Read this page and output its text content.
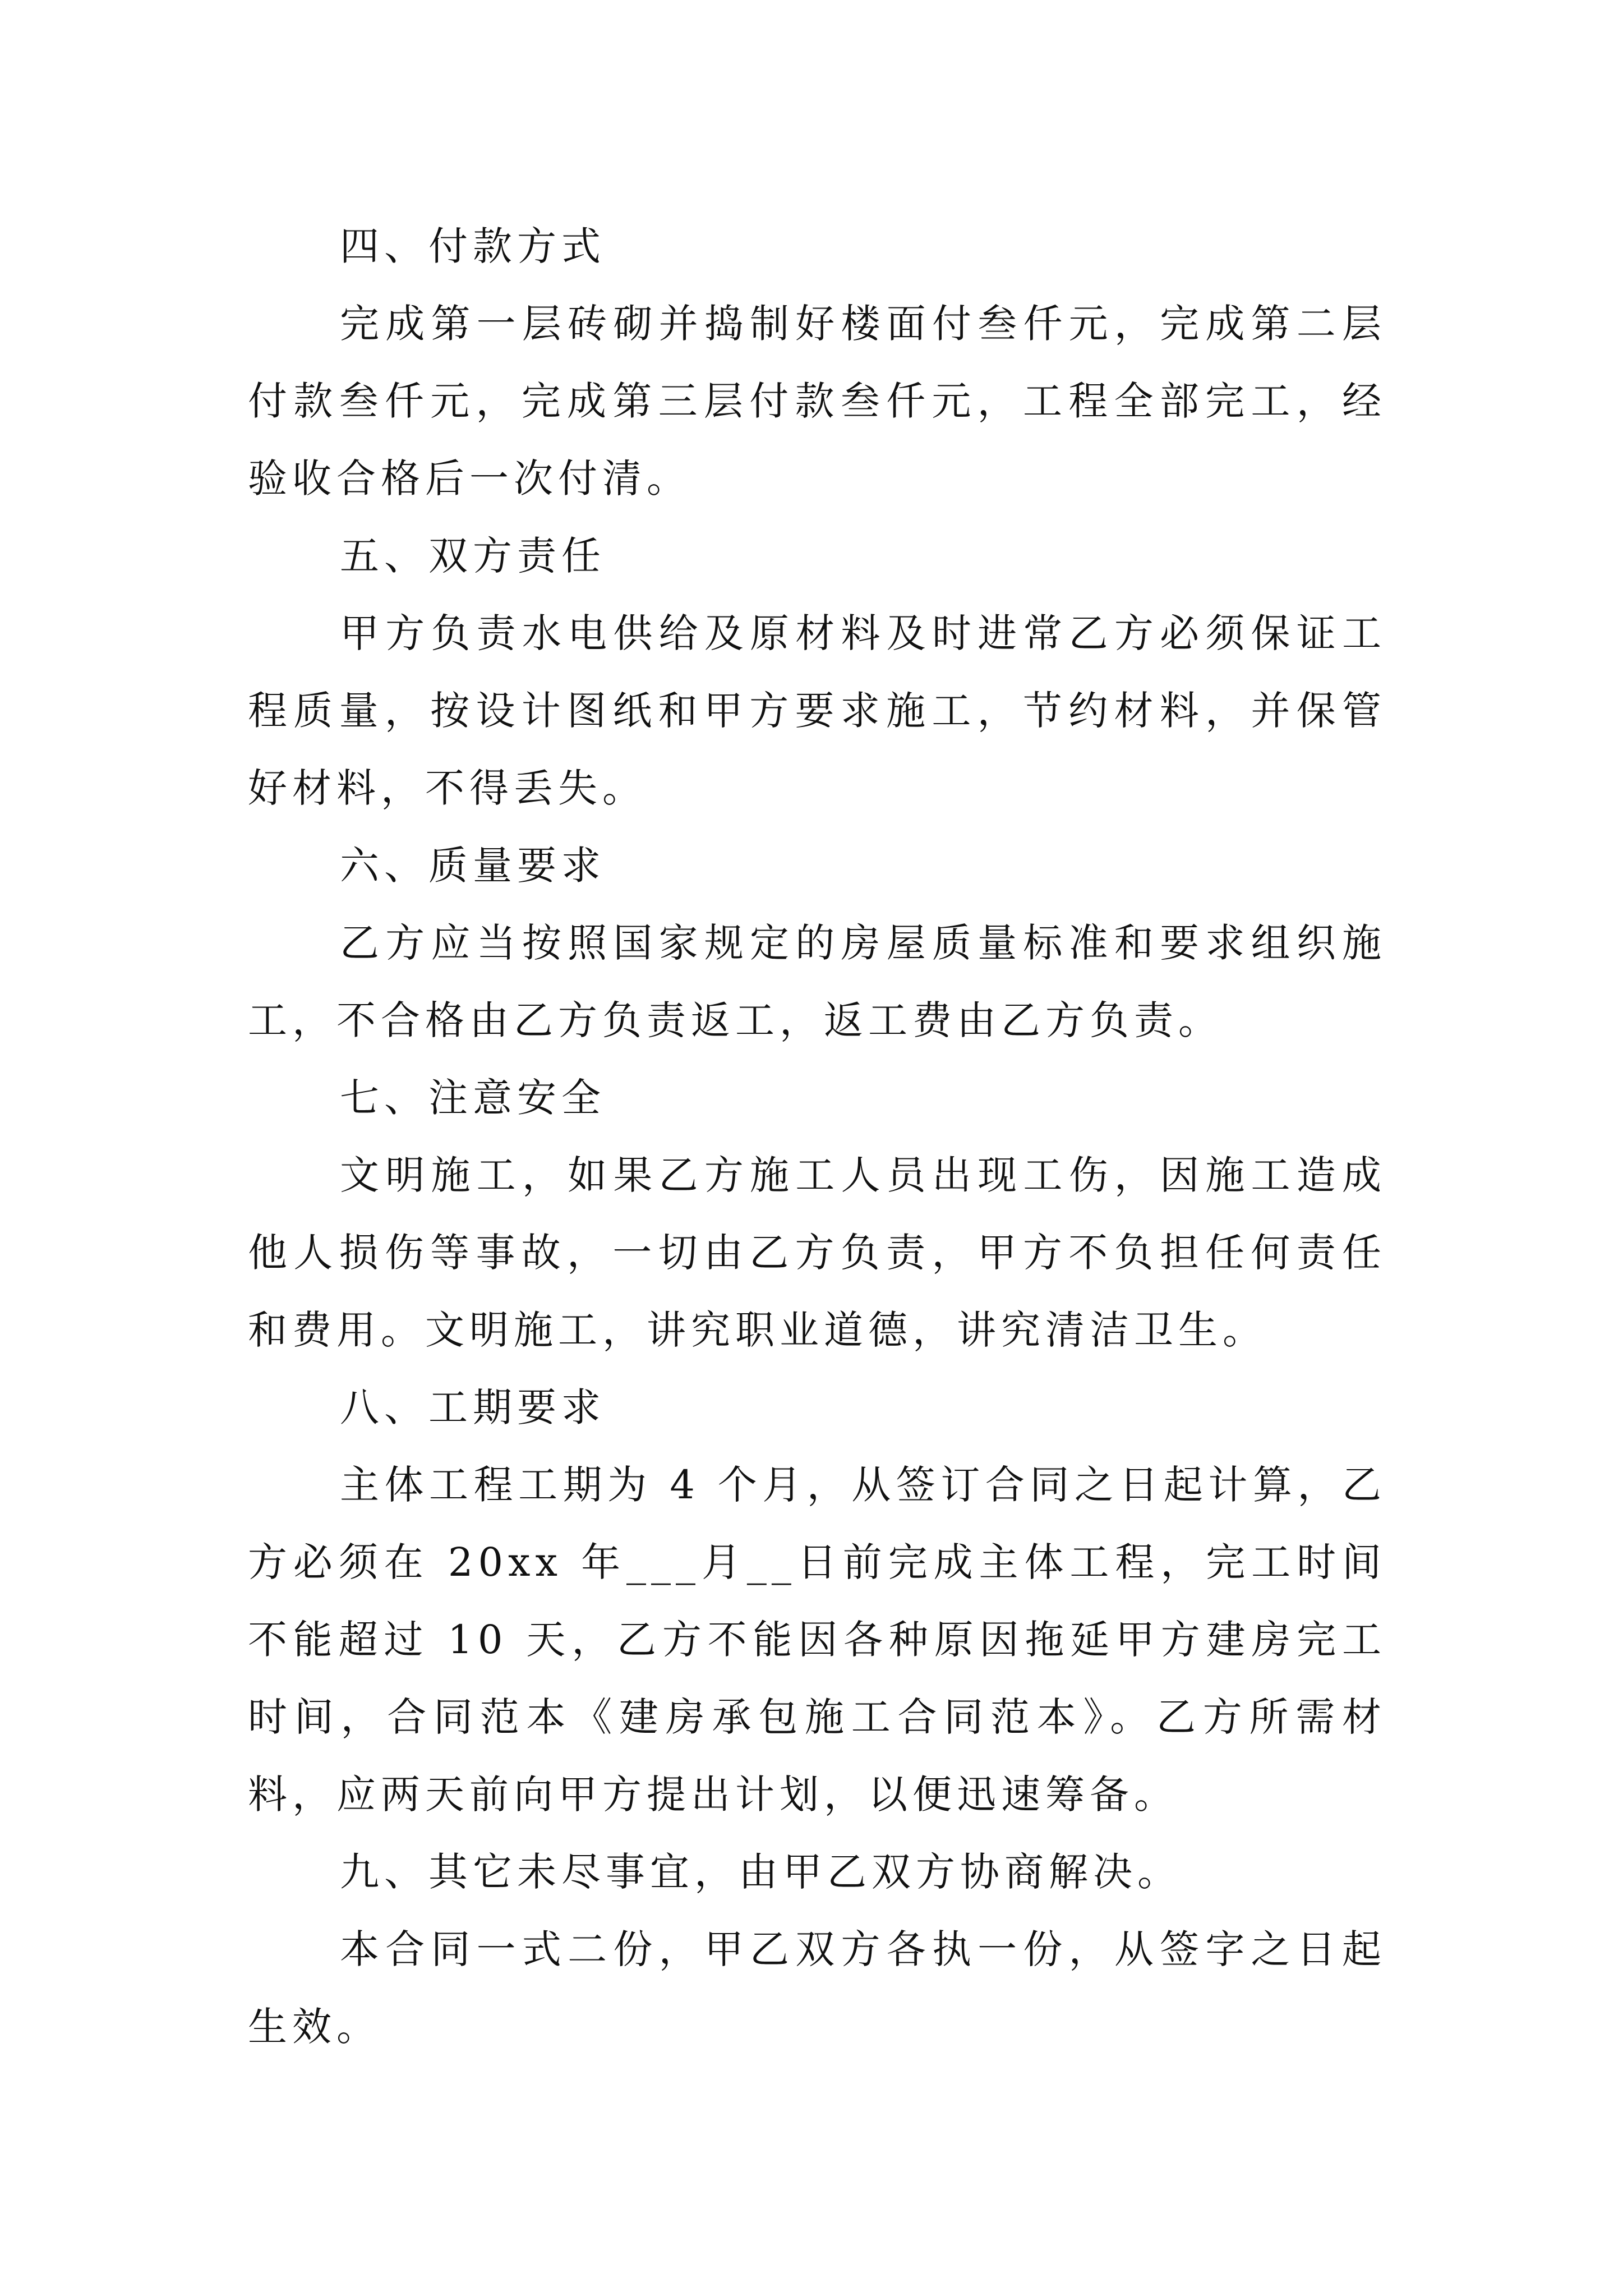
四、付款方式

完成第一层砖砌并捣制好楼面付叁仟元，完成第二层付款叁仟元，完成第三层付款叁仟元，工程全部完工，经验收合格后一次付清。

五、双方责任

甲方负责水电供给及原材料及时进常乙方必须保证工程质量，按设计图纸和甲方要求施工，节约材料，并保管好材料，不得丢失。

六、质量要求

乙方应当按照国家规定的房屋质量标准和要求组织施工，不合格由乙方负责返工，返工费由乙方负责。

七、注意安全

文明施工，如果乙方施工人员出现工伤，因施工造成他人损伤等事故，一切由乙方负责，甲方不负担任何责任和费用。文明施工，讲究职业道德，讲究清洁卫生。

八、工期要求

主体工程工期为 4 个月，从签订合同之日起计算，乙方必须在 20xx 年___月__日前完成主体工程，完工时间不能超过 10 天，乙方不能因各种原因拖延甲方建房完工时间，合同范本《建房承包施工合同范本》。乙方所需材料，应两天前向甲方提出计划，以便迅速筹备。

九、其它未尽事宜，由甲乙双方协商解决。

本合同一式二份，甲乙双方各执一份，从签字之日起生效。
